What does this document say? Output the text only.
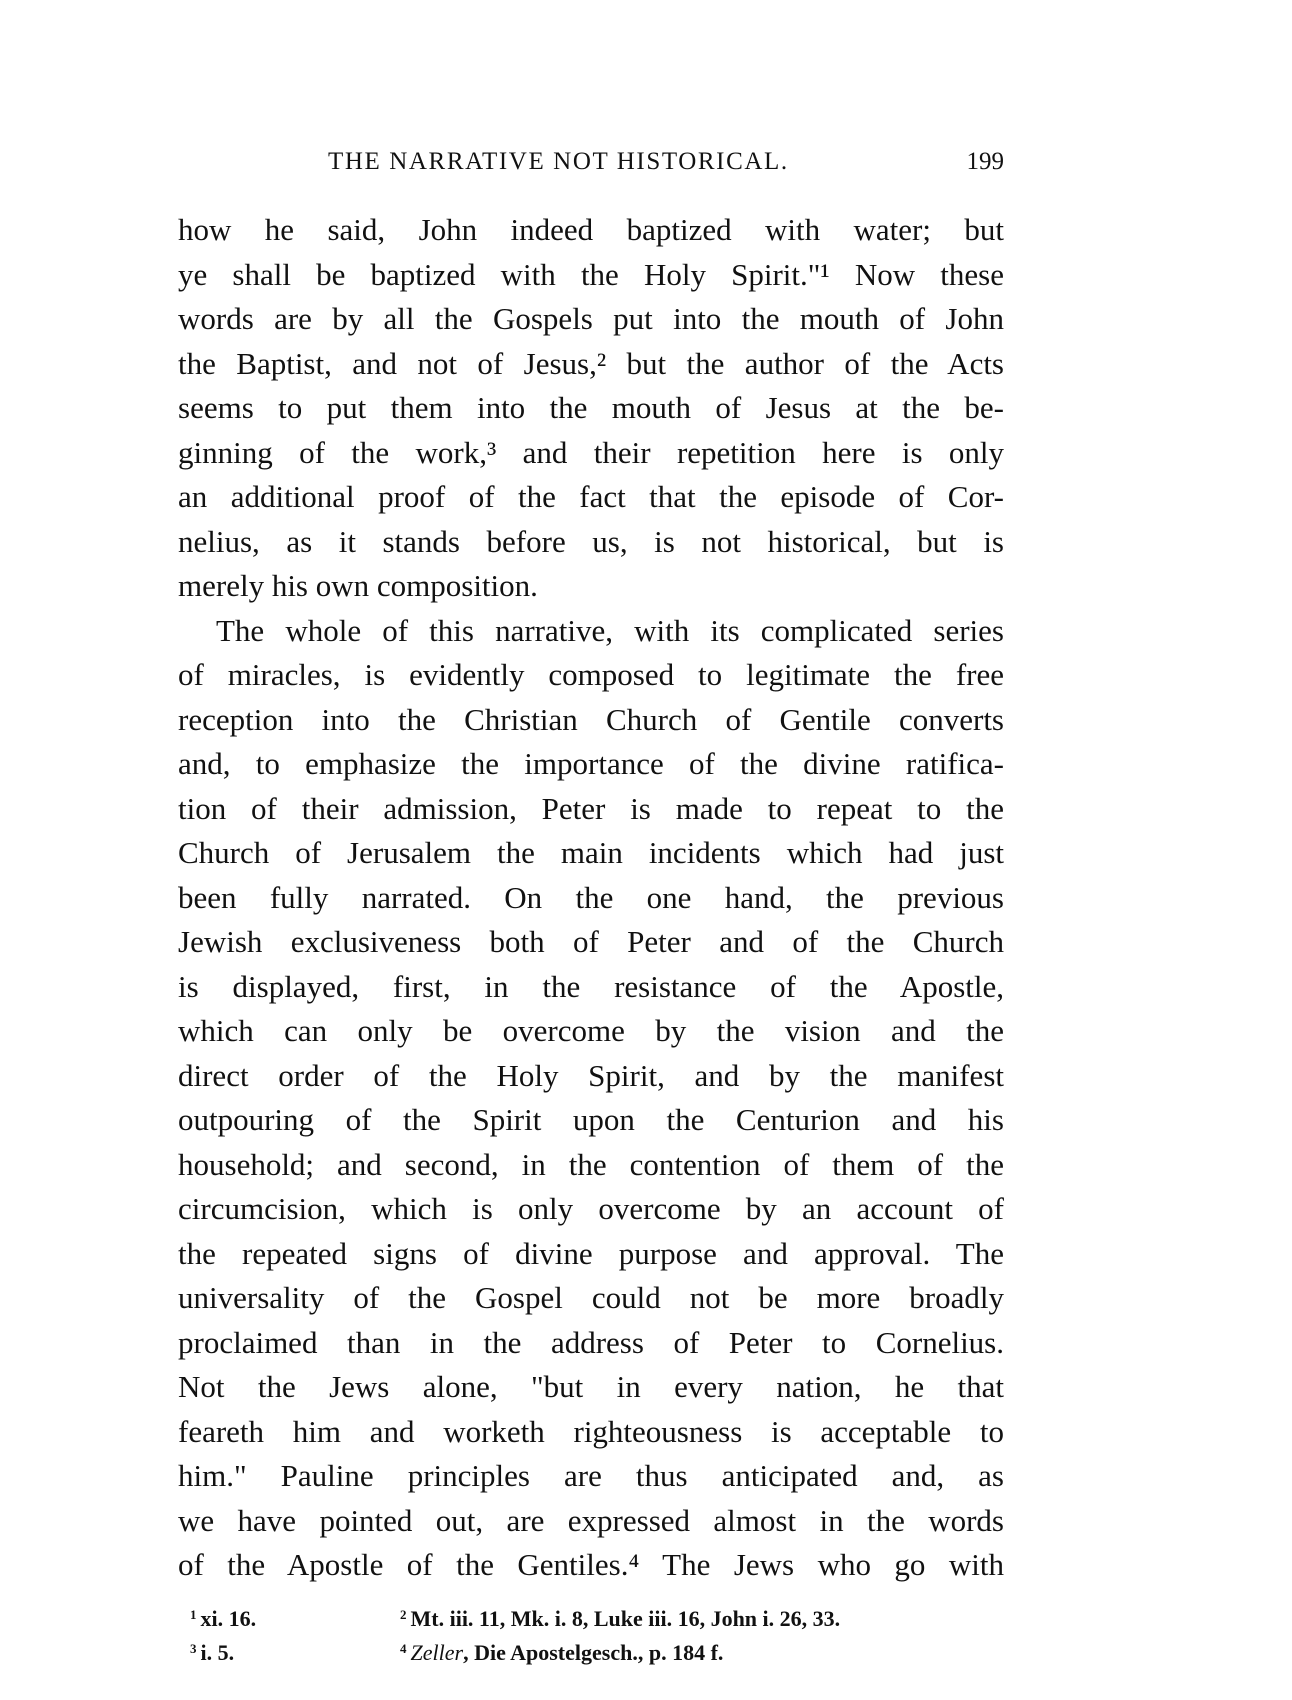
THE NARRATIVE NOT HISTORICAL.	199
how he said, John indeed baptized with water; but
ye shall be baptized with the Holy Spirit."¹ Now these
words are by all the Gospels put into the mouth of John
the Baptist, and not of Jesus,² but the author of the Acts
seems to put them into the mouth of Jesus at the be-
ginning of the work,³ and their repetition here is only
an additional proof of the fact that the episode of Cor-
nelius, as it stands before us, is not historical, but is
merely his own composition.
The whole of this narrative, with its complicated series
of miracles, is evidently composed to legitimate the free
reception into the Christian Church of Gentile converts
and, to emphasize the importance of the divine ratifica-
tion of their admission, Peter is made to repeat to the
Church of Jerusalem the main incidents which had just
been fully narrated. On the one hand, the previous
Jewish exclusiveness both of Peter and of the Church
is displayed, first, in the resistance of the Apostle,
which can only be overcome by the vision and the
direct order of the Holy Spirit, and by the manifest
outpouring of the Spirit upon the Centurion and his
household; and second, in the contention of them of the
circumcision, which is only overcome by an account of
the repeated signs of divine purpose and approval. The
universality of the Gospel could not be more broadly
proclaimed than in the address of Peter to Cornelius.
Not the Jews alone, "but in every nation, he that
feareth him and worketh righteousness is acceptable to
him." Pauline principles are thus anticipated and, as
we have pointed out, are expressed almost in the words
of the Apostle of the Gentiles.⁴ The Jews who go with
$^1$ xi. 16.	$^2$ Mt. iii. 11, Mk. i. 8, Luke iii. 16, John i. 26, 33.
$^3$ i. 5.	$^4$ Zeller, Die Apostelgesch., p. 184 f.
